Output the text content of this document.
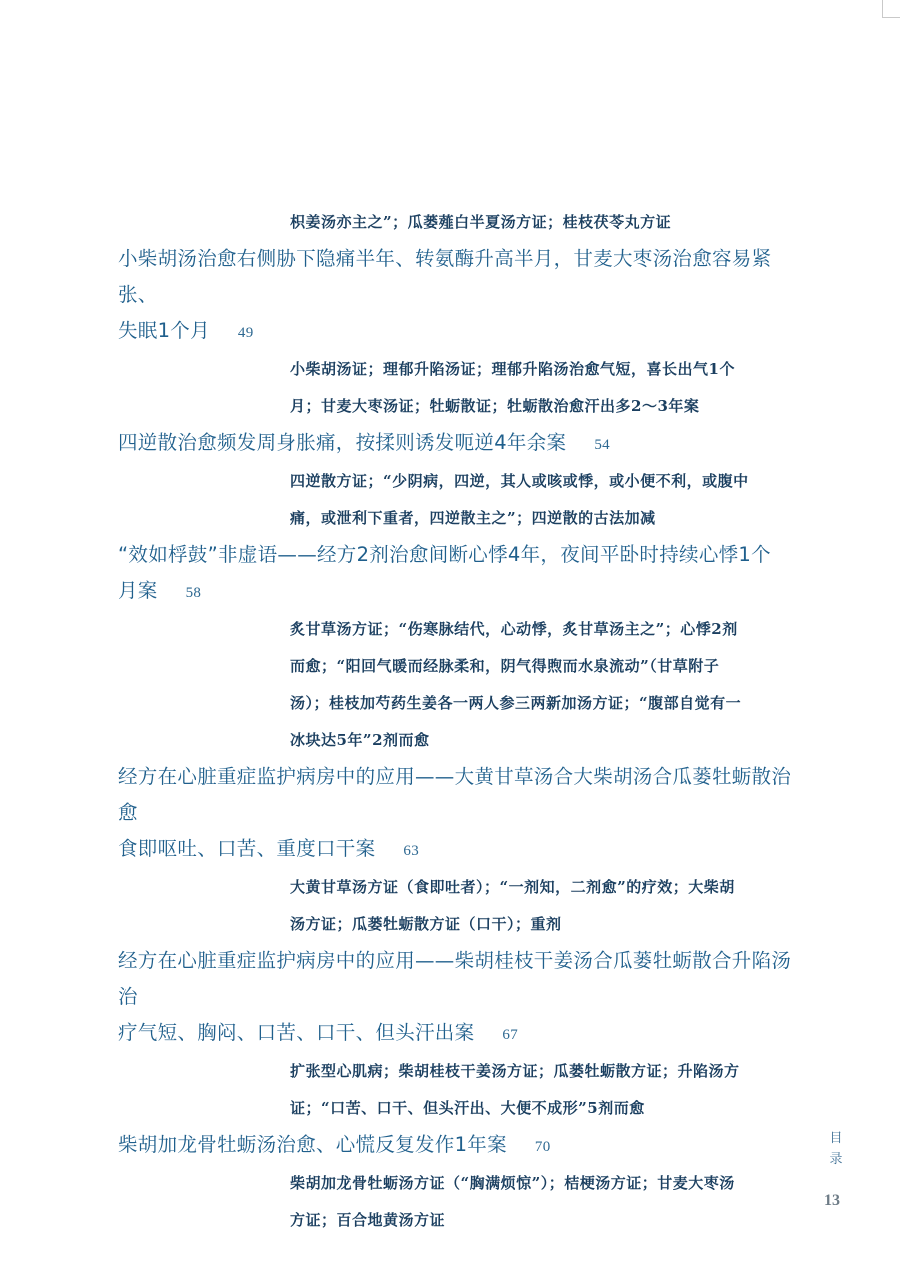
枳姜汤亦主之”；瓜蒌薤白半夏汤方证；桂枝茯苓丸方证
小柴胡汤治愈右侧胁下隐痛半年、转氨酶升高半月，甘麦大枣汤治愈容易紧张、
失眠1个月 49
小柴胡汤证；理郁升陷汤证；理郁升陷汤治愈气短，喜长出气1个
月；甘麦大枣汤证；牡蛎散证；牡蛎散治愈汗出多2～3年案
四逆散治愈频发周身胀痛，按揉则诱发呃逆4年余案 54
四逆散方证；“少阴病，四逆，其人或咳或悸，或小便不利，或腹中
痛，或泄利下重者，四逆散主之”；四逆散的古法加减
“效如桴鼓”非虚语——经方2剂治愈间断心悸4年，夜间平卧时持续心悸1个
月案 58
炙甘草汤方证；“伤寒脉结代，心动悸，炙甘草汤主之”；心悸2剂
而愈；“阳回气暖而经脉柔和，阴气得煦而水泉流动”（甘草附子
汤）；桂枝加芍药生姜各一两人参三两新加汤方证；“腹部自觉有一
冰块达5年”2剂而愈
经方在心脏重症监护病房中的应用——大黄甘草汤合大柴胡汤合瓜蒌牡蛎散治愈
食即呕吐、口苦、重度口干案 63
大黄甘草汤方证（食即吐者）；“一剂知，二剂愈”的疗效；大柴胡
汤方证；瓜蒌牡蛎散方证（口干）；重剂
经方在心脏重症监护病房中的应用——柴胡桂枝干姜汤合瓜蒌牡蛎散合升陷汤治
疗气短、胸闷、口苦、口干、但头汗出案 67
扩张型心肌病；柴胡桂枝干姜汤方证；瓜蒌牡蛎散方证；升陷汤方
证；“口苦、口干、但头汗出、大便不成形”5剂而愈
柴胡加龙骨牡蛎汤治愈、心慌反复发作1年案 70
柴胡加龙骨牡蛎汤方证（“胸满烦惊”）；桔梗汤方证；甘麦大枣汤
方证；百合地黄汤方证
目
录
13
